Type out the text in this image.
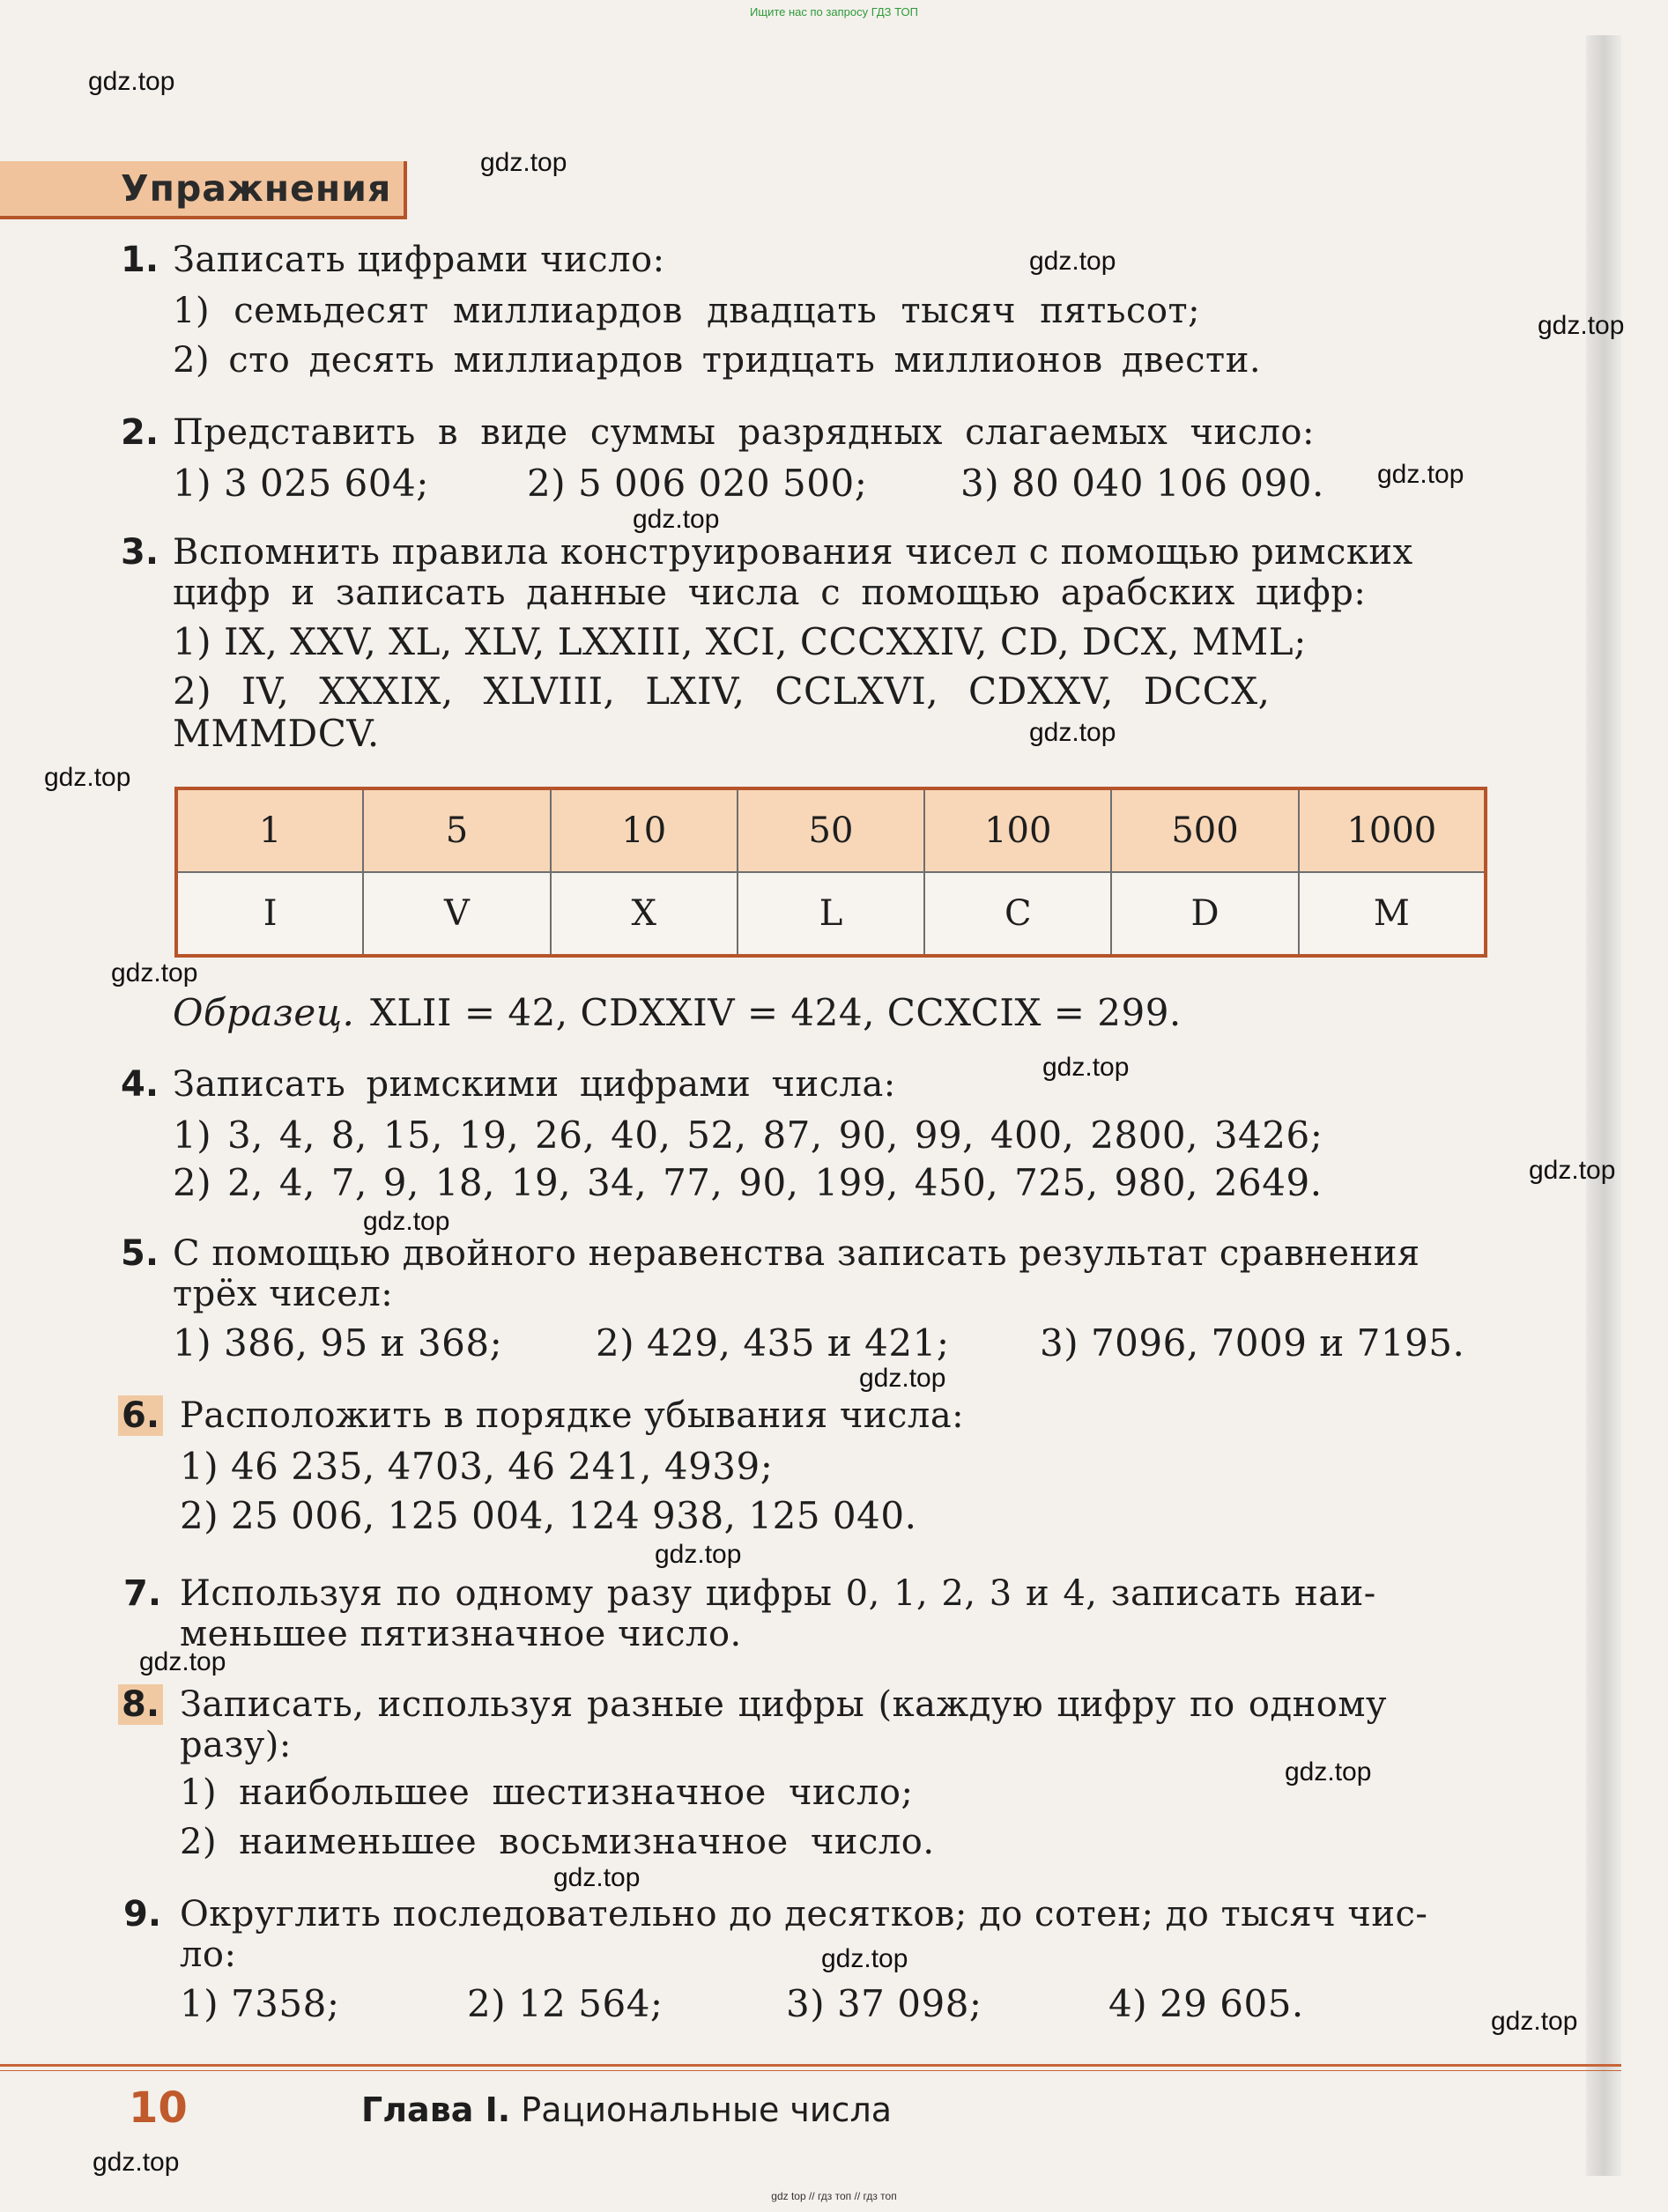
Ищите нас по запросу ГДЗ ТОП
gdz.top
gdz.top
gdz.top
gdz.top
gdz.top
gdz.top
gdz.top
gdz.top
gdz.top
gdz.top
gdz.top
gdz.top
gdz.top
gdz.top
gdz.top
gdz.top
gdz.top
gdz.top
gdz.top
gdz.top
Упражнения
1. Записать цифрами число:
1) семьдесят миллиардов двадцать тысяч пятьсот;
2) сто десять миллиардов тридцать миллионов двести.
2. Представить в виде суммы разрядных слагаемых число:
1) 3 025 604;	2) 5 006 020 500;	3) 80 040 106 090.
3. Вспомнить правила конструирования чисел с помощью римских
цифр и записать данные числа с помощью арабских цифр:
1) IX, XXV, XL, XLV, LXXIII, XCI, CCCXXIV, CD, DCX, MML;
2) IV, XXXIX, XLVIII, LXIV, CCLXVI, CDXXV, DCCX,
MMMDCV.
1	5	10	50	100	500	1000
I	V	X	L	C	D	M
Образец. XLII = 42, CDXXIV = 424, CCXCIX = 299.
4. Записать римскими цифрами числа:
1) 3, 4, 8, 15, 19, 26, 40, 52, 87, 90, 99, 400, 2800, 3426;
2) 2, 4, 7, 9, 18, 19, 34, 77, 90, 199, 450, 725, 980, 2649.
5. С помощью двойного неравенства записать результат сравнения
трёх чисел:
1) 386, 95 и 368;	2) 429, 435 и 421; 3) 7096, 7009 и 7195.
6. Расположить в порядке убывания числа:
1) 46 235, 4703, 46 241, 4939;
2) 25 006, 125 004, 124 938, 125 040.
7. Используя по одному разу цифры 0, 1, 2, 3 и 4, записать наи-
меньшее пятизначное число.
8. Записать, используя разные цифры (каждую цифру по одному
разу):
1) наибольшее шестизначное число;
2) наименьшее восьмизначное число.
9. Округлить последовательно до десятков; до сотен; до тысяч чис-
ло:
1) 7358;	2) 12 564;	3) 37 098;	4) 29 605.
10	Глава I. Рациональные числа
gdz top // гдз топ // гдз топ
